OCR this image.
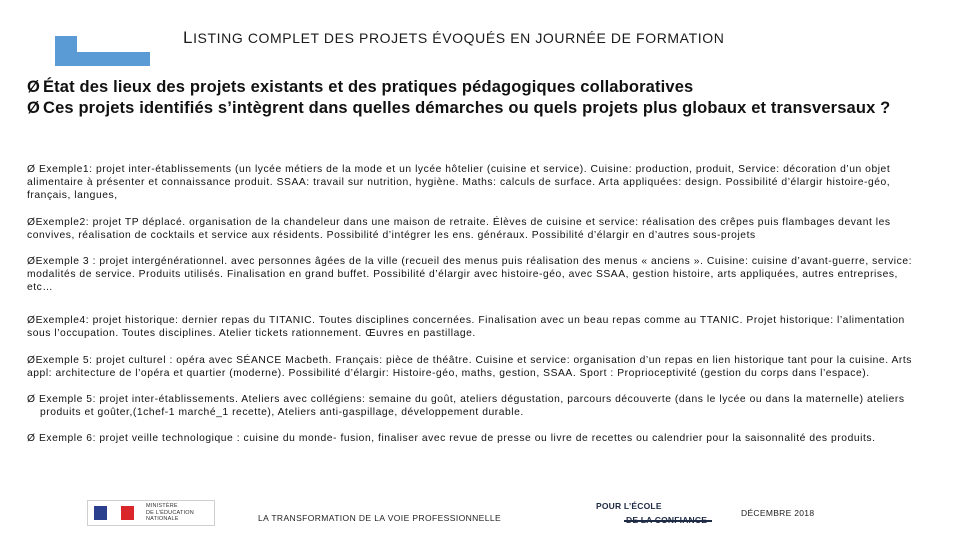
LISTING COMPLET DES PROJETS ÉVOQUÉS EN JOURNÉE DE FORMATION
Ø État des lieux des projets existants et des pratiques pédagogiques collaboratives
Ø Ces projets identifiés s’intègrent dans quelles démarches ou quels projets plus globaux et transversaux ?

Ø Exemple1: projet inter-établissements (un lycée métiers de la mode et un lycée hôtelier (cuisine et service). Cuisine: production, produit, Service: décoration d’un objet alimentaire à présenter et connaissance produit. SSAA: travail sur nutrition, hygiène. Maths: calculs de surface. Arta appliquées: design. Possibilité d’élargir histoire-géo, français, langues,

ØExemple2: projet TP déplacé. organisation de la chandeleur dans une maison de retraite. Élèves de cuisine et service: réalisation des crêpes puis flambages devant les convives, réalisation de cocktails et service aux résidents. Possibilité d’intégrer les ens. généraux. Possibilité d’élargir en d’autres sous-projets

ØExemple 3 : projet intergénérationnel. avec personnes âgées de la ville (recueil des menus puis réalisation des menus « anciens ». Cuisine: cuisine d’avant-guerre, service: modalités de service. Produits utilisés. Finalisation en grand buffet. Possibilité d’élargir avec histoire-géo, avec SSAA, gestion histoire, arts appliquées, autres entreprises, etc…

ØExemple4: projet historique: dernier repas du TITANIC. Toutes disciplines concernées. Finalisation avec un beau repas comme au TTANIC. Projet historique: l’alimentation sous l’occupation. Toutes disciplines. Atelier tickets rationnement. Œuvres en pastillage.

ØExemple 5: projet culturel : opéra avec SÉANCE Macbeth. Français: pièce de théâtre. Cuisine et service: organisation d’un repas en lien historique tant pour la cuisine. Arts appl: architecture de l’opéra et quartier (moderne). Possibilité d’élargir: Histoire-géo, maths, gestion, SSAA. Sport : Proprioceptivité (gestion du corps dans l’espace).

Ø Exemple 5: projet inter-établissements. Ateliers avec collégiens: semaine du goût, ateliers dégustation, parcours découverte (dans le lycée ou dans la maternelle) ateliers produits et goûter,(1chef-1 marché_1 recette), Ateliers anti-gaspillage, développement durable.

Ø Exemple 6: projet veille technologique : cuisine du monde- fusion, finaliser avec revue de presse ou livre de recettes ou calendrier pour la saisonnalité des produits.

MINISTÈRE
DE L’ÉDUCATION
NATIONALE	LA TRANSFORMATION DE LA VOIE PROFESSIONNELLE
POUR L’ÉCOLE
DÉCEMBRE 2018
